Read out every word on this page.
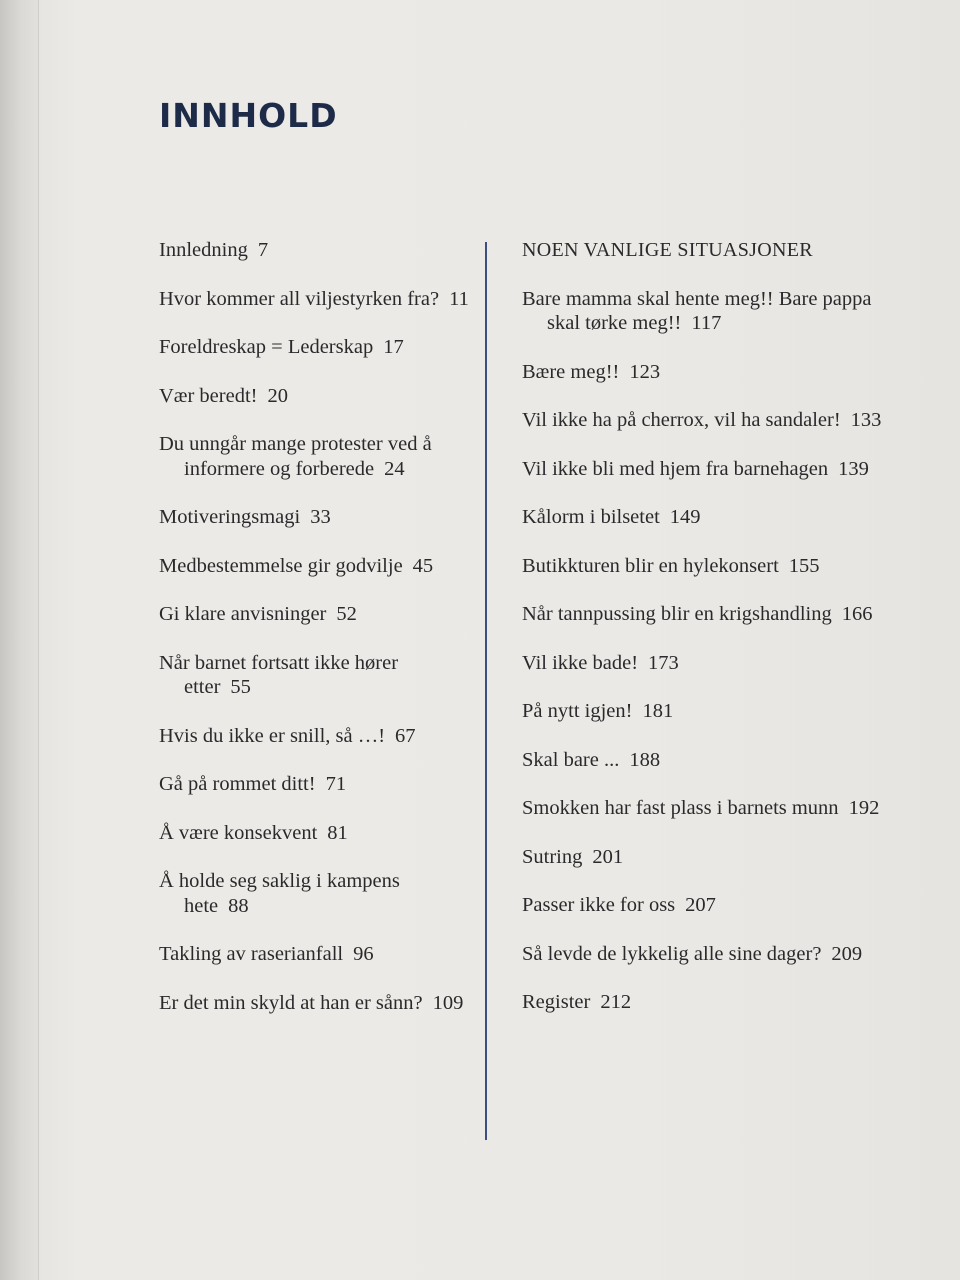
INNHOLD
Innledning 7
Hvor kommer all viljestyrken fra? 11
Foreldreskap = Lederskap 17
Vær beredt! 20
Du unngår mange protester ved å informere og forberede 24
Motiveringsmagi 33
Medbestemmelse gir godvilje 45
Gi klare anvisninger 52
Når barnet fortsatt ikke hører etter 55
Hvis du ikke er snill, så …! 67
Gå på rommet ditt! 71
Å være konsekvent 81
Å holde seg saklig i kampens hete 88
Takling av raserianfall 96
Er det min skyld at han er sånn? 109
NOEN VANLIGE SITUASJONER
Bare mamma skal hente meg!! Bare pappa skal tørke meg!! 117
Bære meg!! 123
Vil ikke ha på cherrox, vil ha sandaler! 133
Vil ikke bli med hjem fra barnehagen 139
Kålorm i bilsetet 149
Butikkturen blir en hylekonsert 155
Når tannpussing blir en krigshandling 166
Vil ikke bade! 173
På nytt igjen! 181
Skal bare ... 188
Smokken har fast plass i barnets munn 192
Sutring 201
Passer ikke for oss 207
Så levde de lykkelig alle sine dager? 209
Register 212
